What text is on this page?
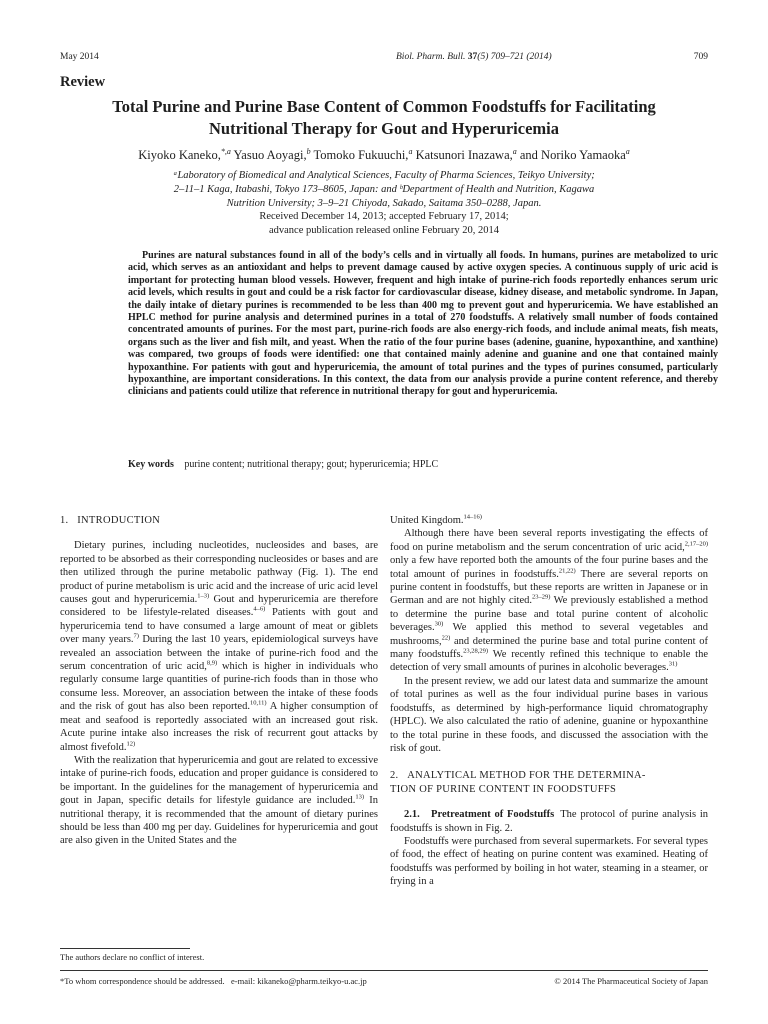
May 2014	Biol. Pharm. Bull. 37(5) 709–721 (2014)	709
Review
Total Purine and Purine Base Content of Common Foodstuffs for Facilitating
Nutritional Therapy for Gout and Hyperuricemia
Kiyoko Kaneko,$^{*,a}$ Yasuo Aoyagi,$^b$ Tomoko Fukuuchi,$^a$ Katsunori Inazawa,$^a$ and Noriko Yamaoka$^a$
ᵃLaboratory of Biomedical and Analytical Sciences, Faculty of Pharma Sciences, Teikyo University;
2–11–1 Kaga, Itabashi, Tokyo 173–8605, Japan: and ᵇDepartment of Health and Nutrition, Kagawa
Nutrition University; 3–9–21 Chiyoda, Sakado, Saitama 350–0288, Japan.
Received December 14, 2013; accepted February 17, 2014;
advance publication released online February 20, 2014

Purines are natural substances found in all of the body’s cells and in virtually all foods. In humans, purines are metabolized to uric acid, which serves as an antioxidant and helps to prevent damage caused by active oxygen species. A continuous supply of uric acid is important for protecting human blood vessels. However, frequent and high intake of purine-rich foods reportedly enhances serum uric acid levels, which results in gout and could be a risk factor for cardiovascular disease, kidney disease, and metabolic syndrome. In Japan, the daily intake of dietary purines is recommended to be less than 400 mg to prevent gout and hyperuricemia. We have established an HPLC method for purine analysis and determined purines in a total of 270 foodstuffs. A relatively small number of foods contained concentrated amounts of purines. For the most part, purine-rich foods are also energy-rich foods, and include animal meats, fish meats, organs such as the liver and fish milt, and yeast. When the ratio of the four purine bases (adenine, guanine, hypoxanthine, and xanthine) was compared, two groups of foods were identified: one that contained mainly adenine and guanine and one that contained mainly hypoxanthine. For patients with gout and hyperuricemia, the amount of total purines and the types of purines consumed, particularly hypoxanthine, are important considerations. In this context, the data from our analysis provide a purine content reference, and thereby clinicians and patients could utilize that reference in nutritional therapy for gout and hyperuricemia.

Key words purine content; nutritional therapy; gout; hyperuricemia; HPLC
1.   INTRODUCTION

Dietary purines, including nucleotides, nucleosides and bases, are reported to be absorbed as their corresponding nucleosides or bases and are then utilized through the purine metabolic pathway (Fig. 1). The end product of purine metabolism is uric acid and the increase of uric acid level causes gout and hyperuricemia.$^{1-3)}$ Gout and hyperuricemia are therefore considered to be lifestyle-related diseases.$^{4-6)}$ Patients with gout and hyperuricemia tend to have consumed a large amount of meat or giblets over many years.$^{7)}$ During the last 10 years, epidemiological surveys have revealed an association between the intake of purine-rich food and the serum concentration of uric acid,$^{8,9)}$ which is higher in individuals who regularly consume large quantities of purine-rich foods than in those who consume less. Moreover, an association between the intake of these foods and the risk of gout has also been reported.$^{10,11)}$ A higher consumption of meat and seafood is reportedly associated with an increased gout risk. Acute purine intake also increases the risk of recurrent gout attacks by almost fivefold.$^{12)}$

With the realization that hyperuricemia and gout are related to excessive intake of purine-rich foods, education and proper guidance is considered to be important. In the guidelines for the management of hyperuricemia and gout in Japan, specific details for lifestyle guidance are included.$^{13)}$ In nutritional therapy, it is recommended that the amount of dietary purines should be less than 400 mg per day. Guidelines for hyperuricemia and gout are also given in the United States and the

United Kingdom.$^{14-16)}$

Although there have been several reports investigating the effects of food on purine metabolism and the serum concentration of uric acid,$^{2,17-20)}$ only a few have reported both the amounts of the four purine bases and the total amount of purines in foodstuffs.$^{21,22)}$ There are several reports on purine content in foodstuffs, but these reports are written in Japanese or in German and are not highly cited.$^{23-29)}$ We previously established a method to determine the purine base and total purine content of alcoholic beverages.$^{30)}$ We applied this method to several vegetables and mushrooms,$^{22)}$ and determined the purine base and total purine content of many foodstuffs.$^{23,28,29)}$ We recently refined this technique to enable the detection of very small amounts of purines in alcoholic beverages.$^{31)}$

In the present review, we add our latest data and summarize the amount of total purines as well as the four individual purine bases in various foodstuffs, as determined by high-performance liquid chromatography (HPLC). We also calculated the ratio of adenine, guanine or hypoxanthine to the total purine in these foods, and discussed the association with the risk of gout.

2.   ANALYTICAL METHOD FOR THE DETERMINA-
TION OF PURINE CONTENT IN FOODSTUFFS

2.1.   Pretreatment of Foodstuffs The protocol of purine analysis in foodstuffs is shown in Fig. 2.

Foodstuffs were purchased from several supermarkets. For several types of food, the effect of heating on purine content was examined. Heating of foodstuffs was performed by boiling in hot water, steaming in a steamer, or frying in a

The authors declare no conflict of interest.
*To whom correspondence should be addressed.   e-mail: kikaneko@pharm.teikyo-u.ac.jp	© 2014 The Pharmaceutical Society of Japan
